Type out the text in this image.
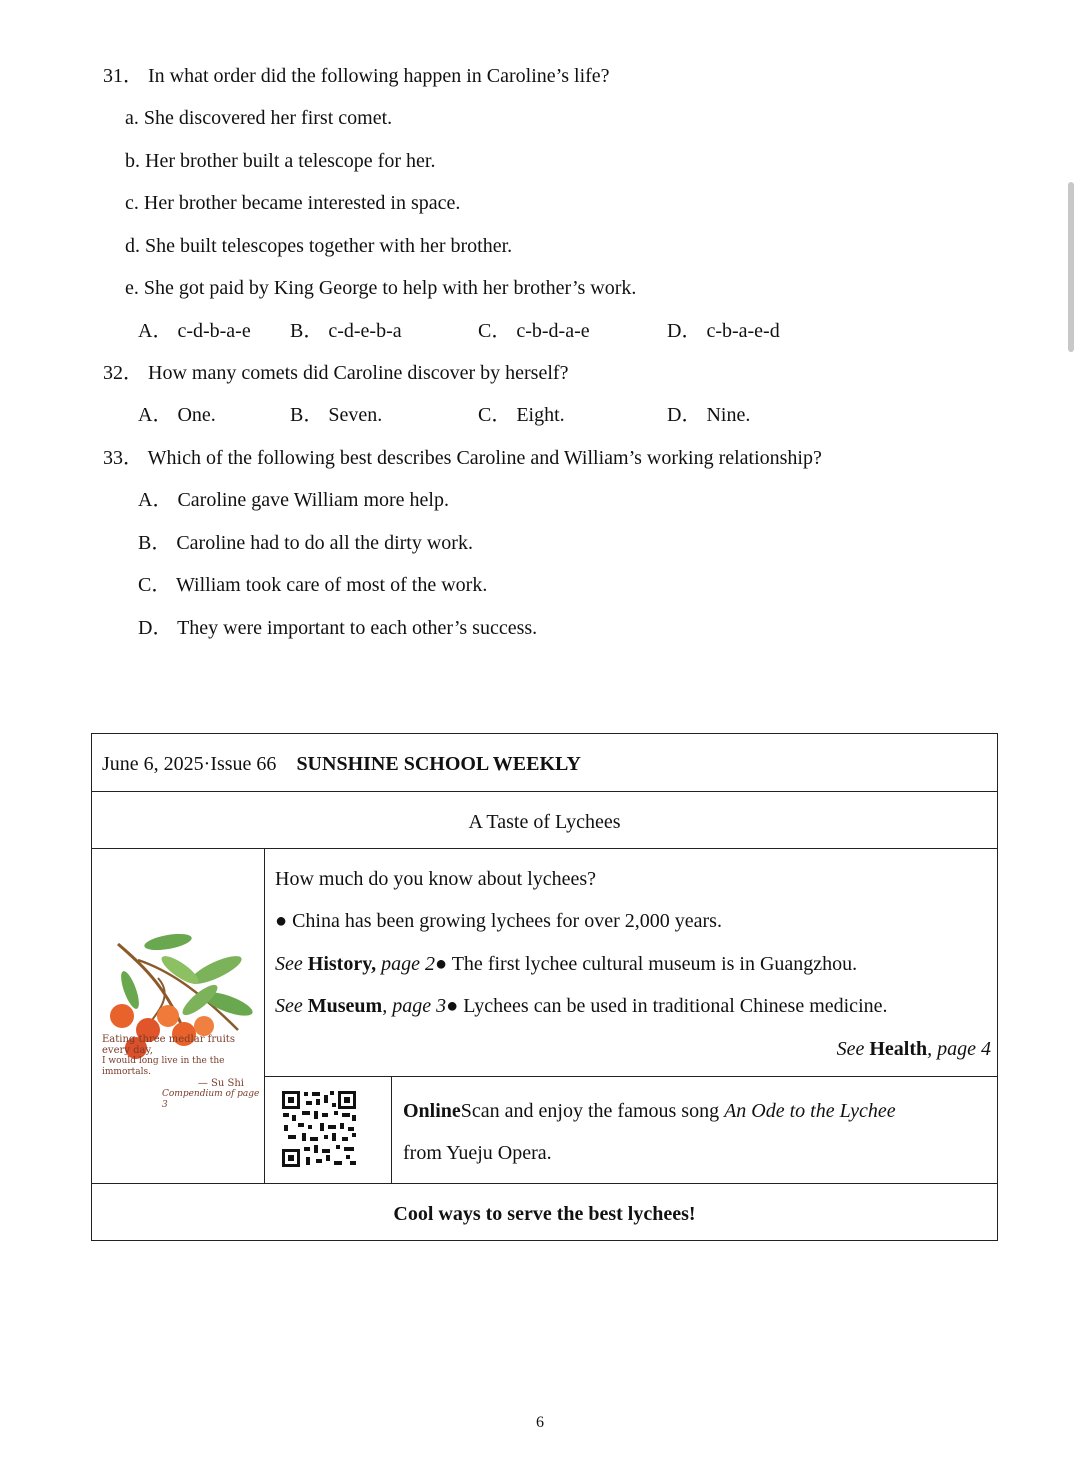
31． In what order did the following happen in Caroline’s life?
a. She discovered her first comet.
b. Her brother built a telescope for her.
c. Her brother became interested in space.
d. She built telescopes together with her brother.
e. She got paid by King George to help with her brother’s work.
A． c-d-b-a-e B． c-d-e-b-a	C． c-b-d-a-e	D． c-b-a-e-d
32． How many comets did Caroline discover by herself?
A． One.	B． Seven.	C． Eight.	D． Nine.
33． Which of the following best describes Caroline and William’s working relationship?
A． Caroline gave William more help.
B． Caroline had to do all the dirty work.
C． William took care of most of the work.
D． They were important to each other’s success.
June 6, 2025·Issue 66 SUNSHINE SCHOOL WEEKLY
A Taste of Lychees
Eating three medlar fruits every day,
I would long live in the the immortals.
— Su Shi
Compendium of page 3
How much do you know about lychees?
● China has been growing lychees for over 2,000 years.
See History, page 2● The first lychee cultural museum is in Guangzhou.
See Museum, page 3● Lychees can be used in traditional Chinese medicine.
See Health, page 4
OnlineScan and enjoy the famous song An Ode to the Lychee
from Yueju Opera.
Cool ways to serve the best lychees!
6
